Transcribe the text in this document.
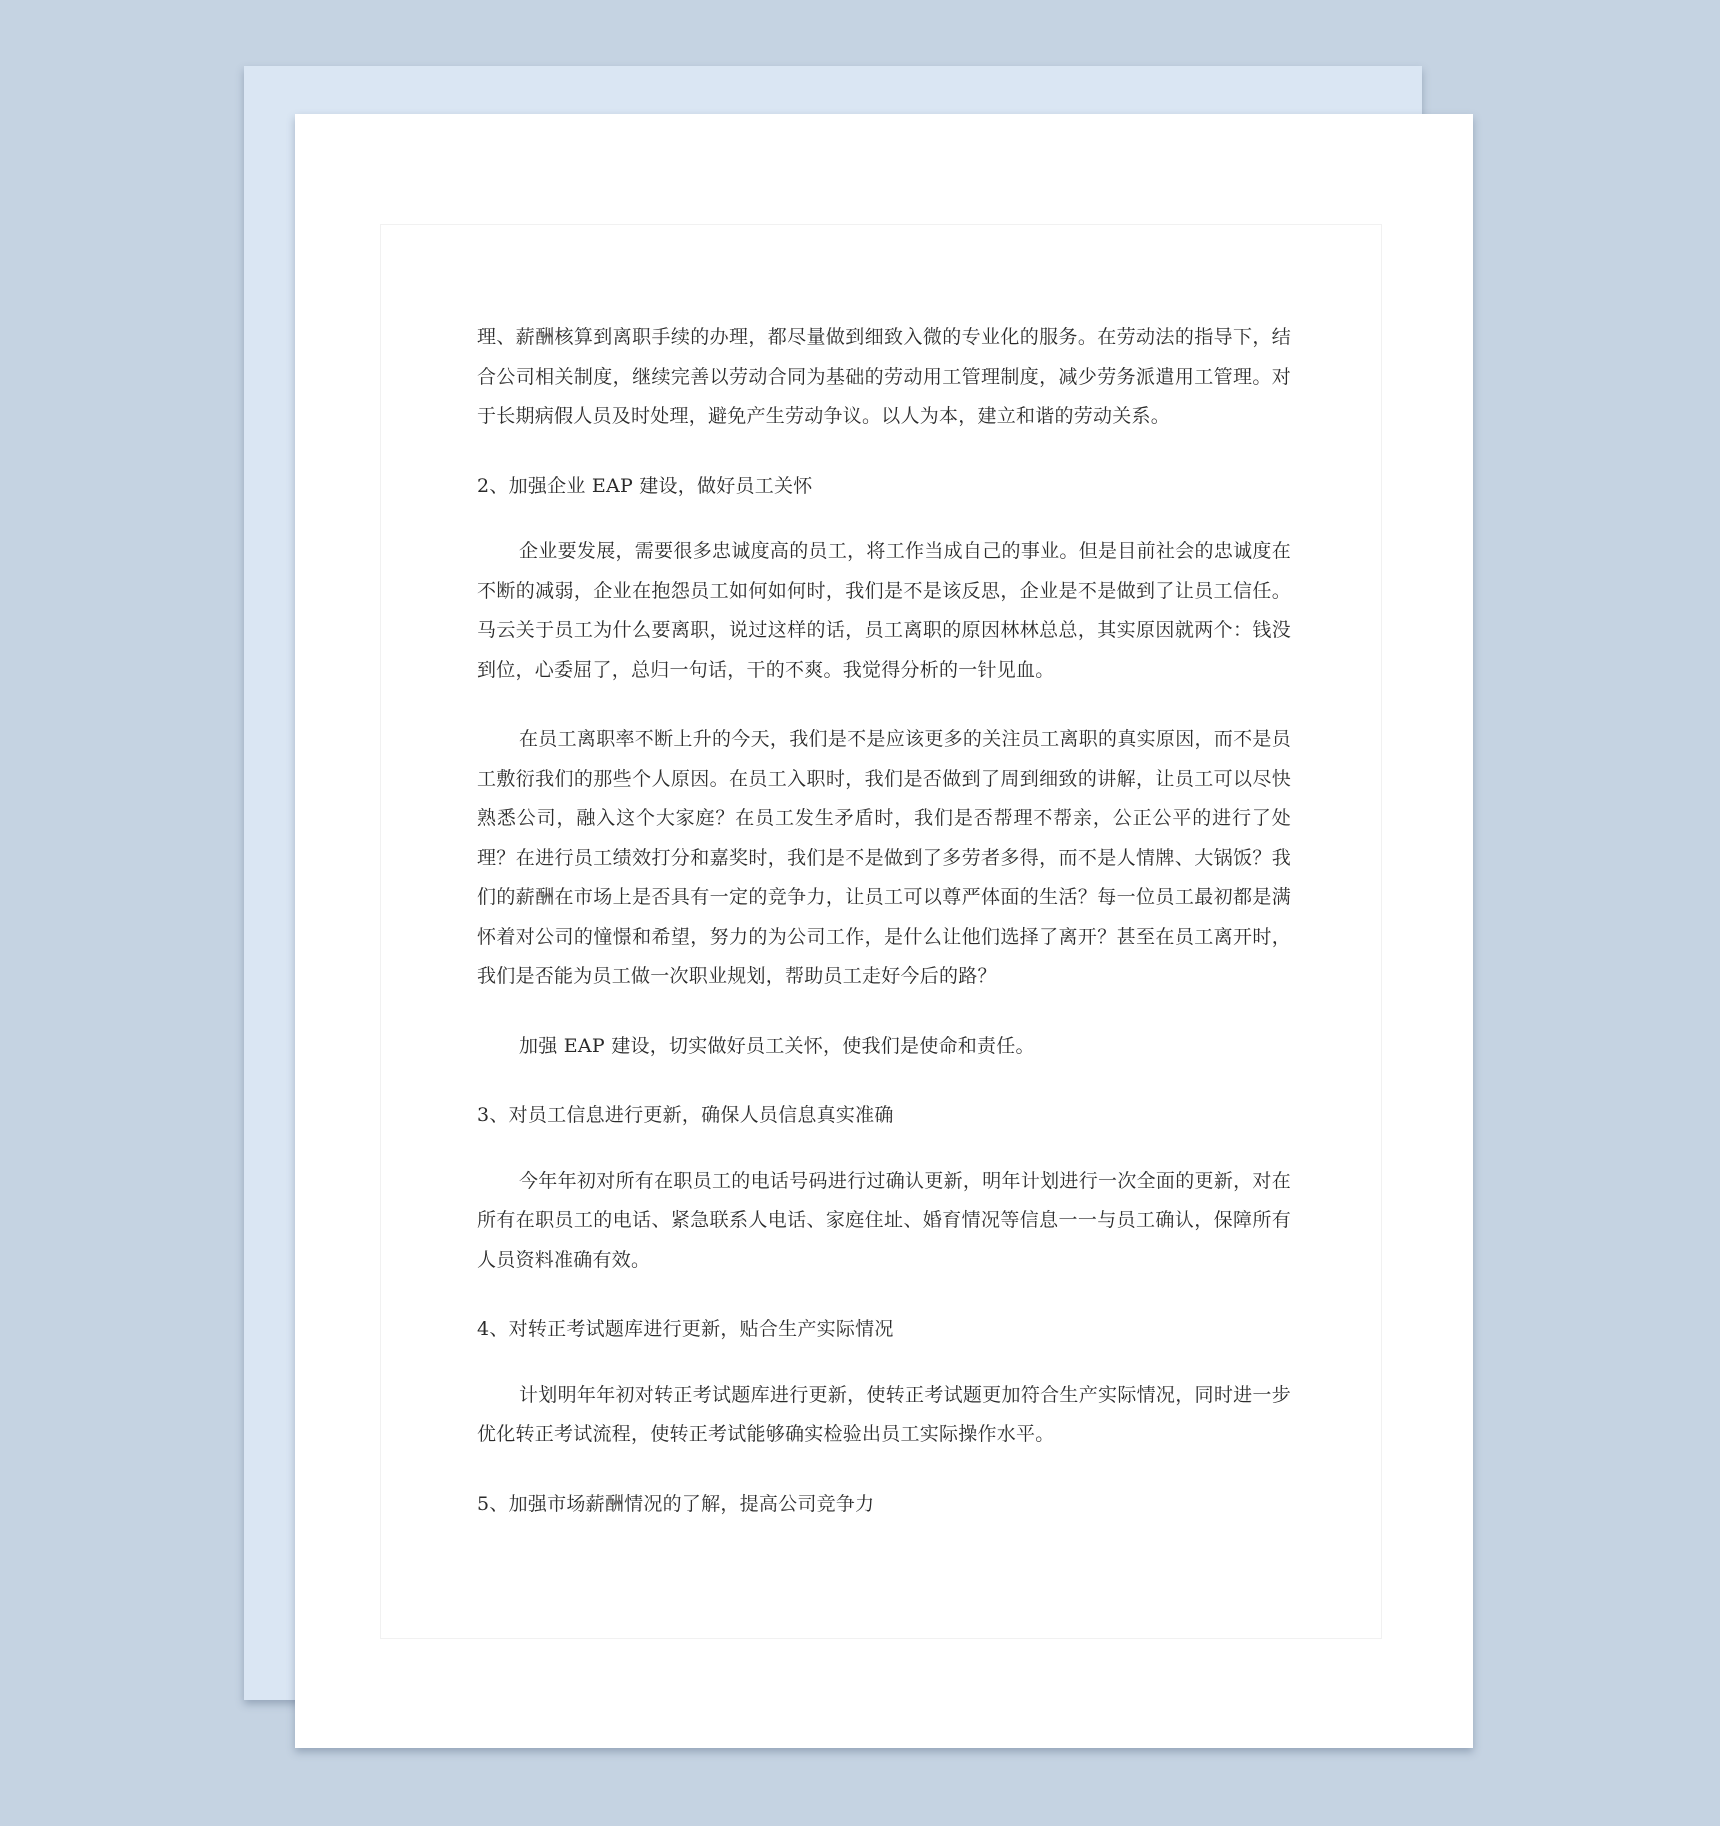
理、薪酬核算到离职手续的办理，都尽量做到细致入微的专业化的服务。在劳动法的指导下，结合公司相关制度，继续完善以劳动合同为基础的劳动用工管理制度，减少劳务派遣用工管理。对于长期病假人员及时处理，避免产生劳动争议。以人为本，建立和谐的劳动关系。

2、加强企业 EAP 建设，做好员工关怀

企业要发展，需要很多忠诚度高的员工，将工作当成自己的事业。但是目前社会的忠诚度在不断的减弱，企业在抱怨员工如何如何时，我们是不是该反思，企业是不是做到了让员工信任。马云关于员工为什么要离职，说过这样的话，员工离职的原因林林总总，其实原因就两个：钱没到位，心委屈了，总归一句话，干的不爽。我觉得分析的一针见血。

在员工离职率不断上升的今天，我们是不是应该更多的关注员工离职的真实原因，而不是员工敷衍我们的那些个人原因。在员工入职时，我们是否做到了周到细致的讲解，让员工可以尽快熟悉公司，融入这个大家庭？在员工发生矛盾时，我们是否帮理不帮亲，公正公平的进行了处理？在进行员工绩效打分和嘉奖时，我们是不是做到了多劳者多得，而不是人情牌、大锅饭？我们的薪酬在市场上是否具有一定的竞争力，让员工可以尊严体面的生活？每一位员工最初都是满怀着对公司的憧憬和希望，努力的为公司工作，是什么让他们选择了离开？甚至在员工离开时，我们是否能为员工做一次职业规划，帮助员工走好今后的路？

加强 EAP 建设，切实做好员工关怀，使我们是使命和责任。

3、对员工信息进行更新，确保人员信息真实准确

今年年初对所有在职员工的电话号码进行过确认更新，明年计划进行一次全面的更新，对在所有在职员工的电话、紧急联系人电话、家庭住址、婚育情况等信息一一与员工确认，保障所有人员资料准确有效。

4、对转正考试题库进行更新，贴合生产实际情况

计划明年年初对转正考试题库进行更新，使转正考试题更加符合生产实际情况，同时进一步优化转正考试流程，使转正考试能够确实检验出员工实际操作水平。

5、加强市场薪酬情况的了解，提高公司竞争力
